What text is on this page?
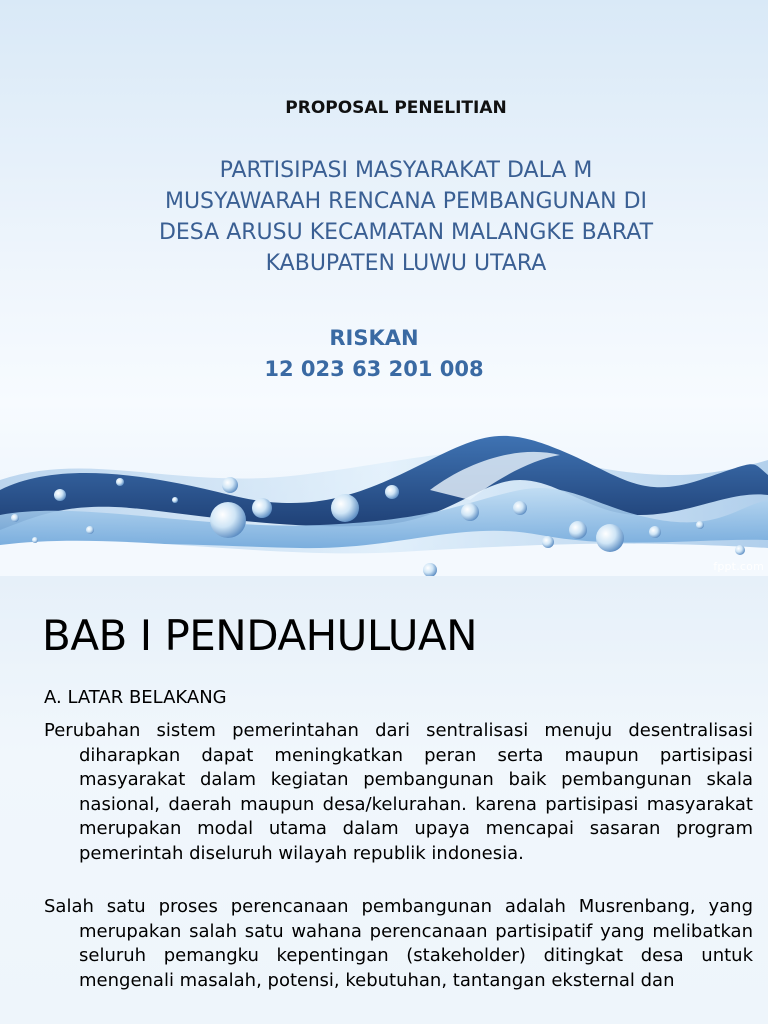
PROPOSAL PENELITIAN
PARTISIPASI MASYARAKAT DALA M
MUSYAWARAH RENCANA PEMBANGUNAN DI
DESA ARUSU KECAMATAN MALANGKE BARAT
KABUPATEN LUWU UTARA
RISKAN
12 023 63 201 008
fppt.com
BAB I PENDAHULUAN
A. LATAR BELAKANG

Perubahan sistem pemerintahan dari sentralisasi menuju desentralisasi diharapkan dapat meningkatkan peran serta maupun partisipasi masyarakat dalam kegiatan pembangunan baik pembangunan skala nasional, daerah maupun desa/kelurahan. karena partisipasi masyarakat merupakan modal utama dalam upaya mencapai sasaran program pemerintah diseluruh wilayah republik indonesia.

Salah satu proses perencanaan pembangunan adalah Musrenbang, yang merupakan salah satu wahana perencanaan partisipatif yang melibatkan seluruh pemangku kepentingan (stakeholder) ditingkat desa untuk mengenali masalah, potensi, kebutuhan, tantangan eksternal dan
